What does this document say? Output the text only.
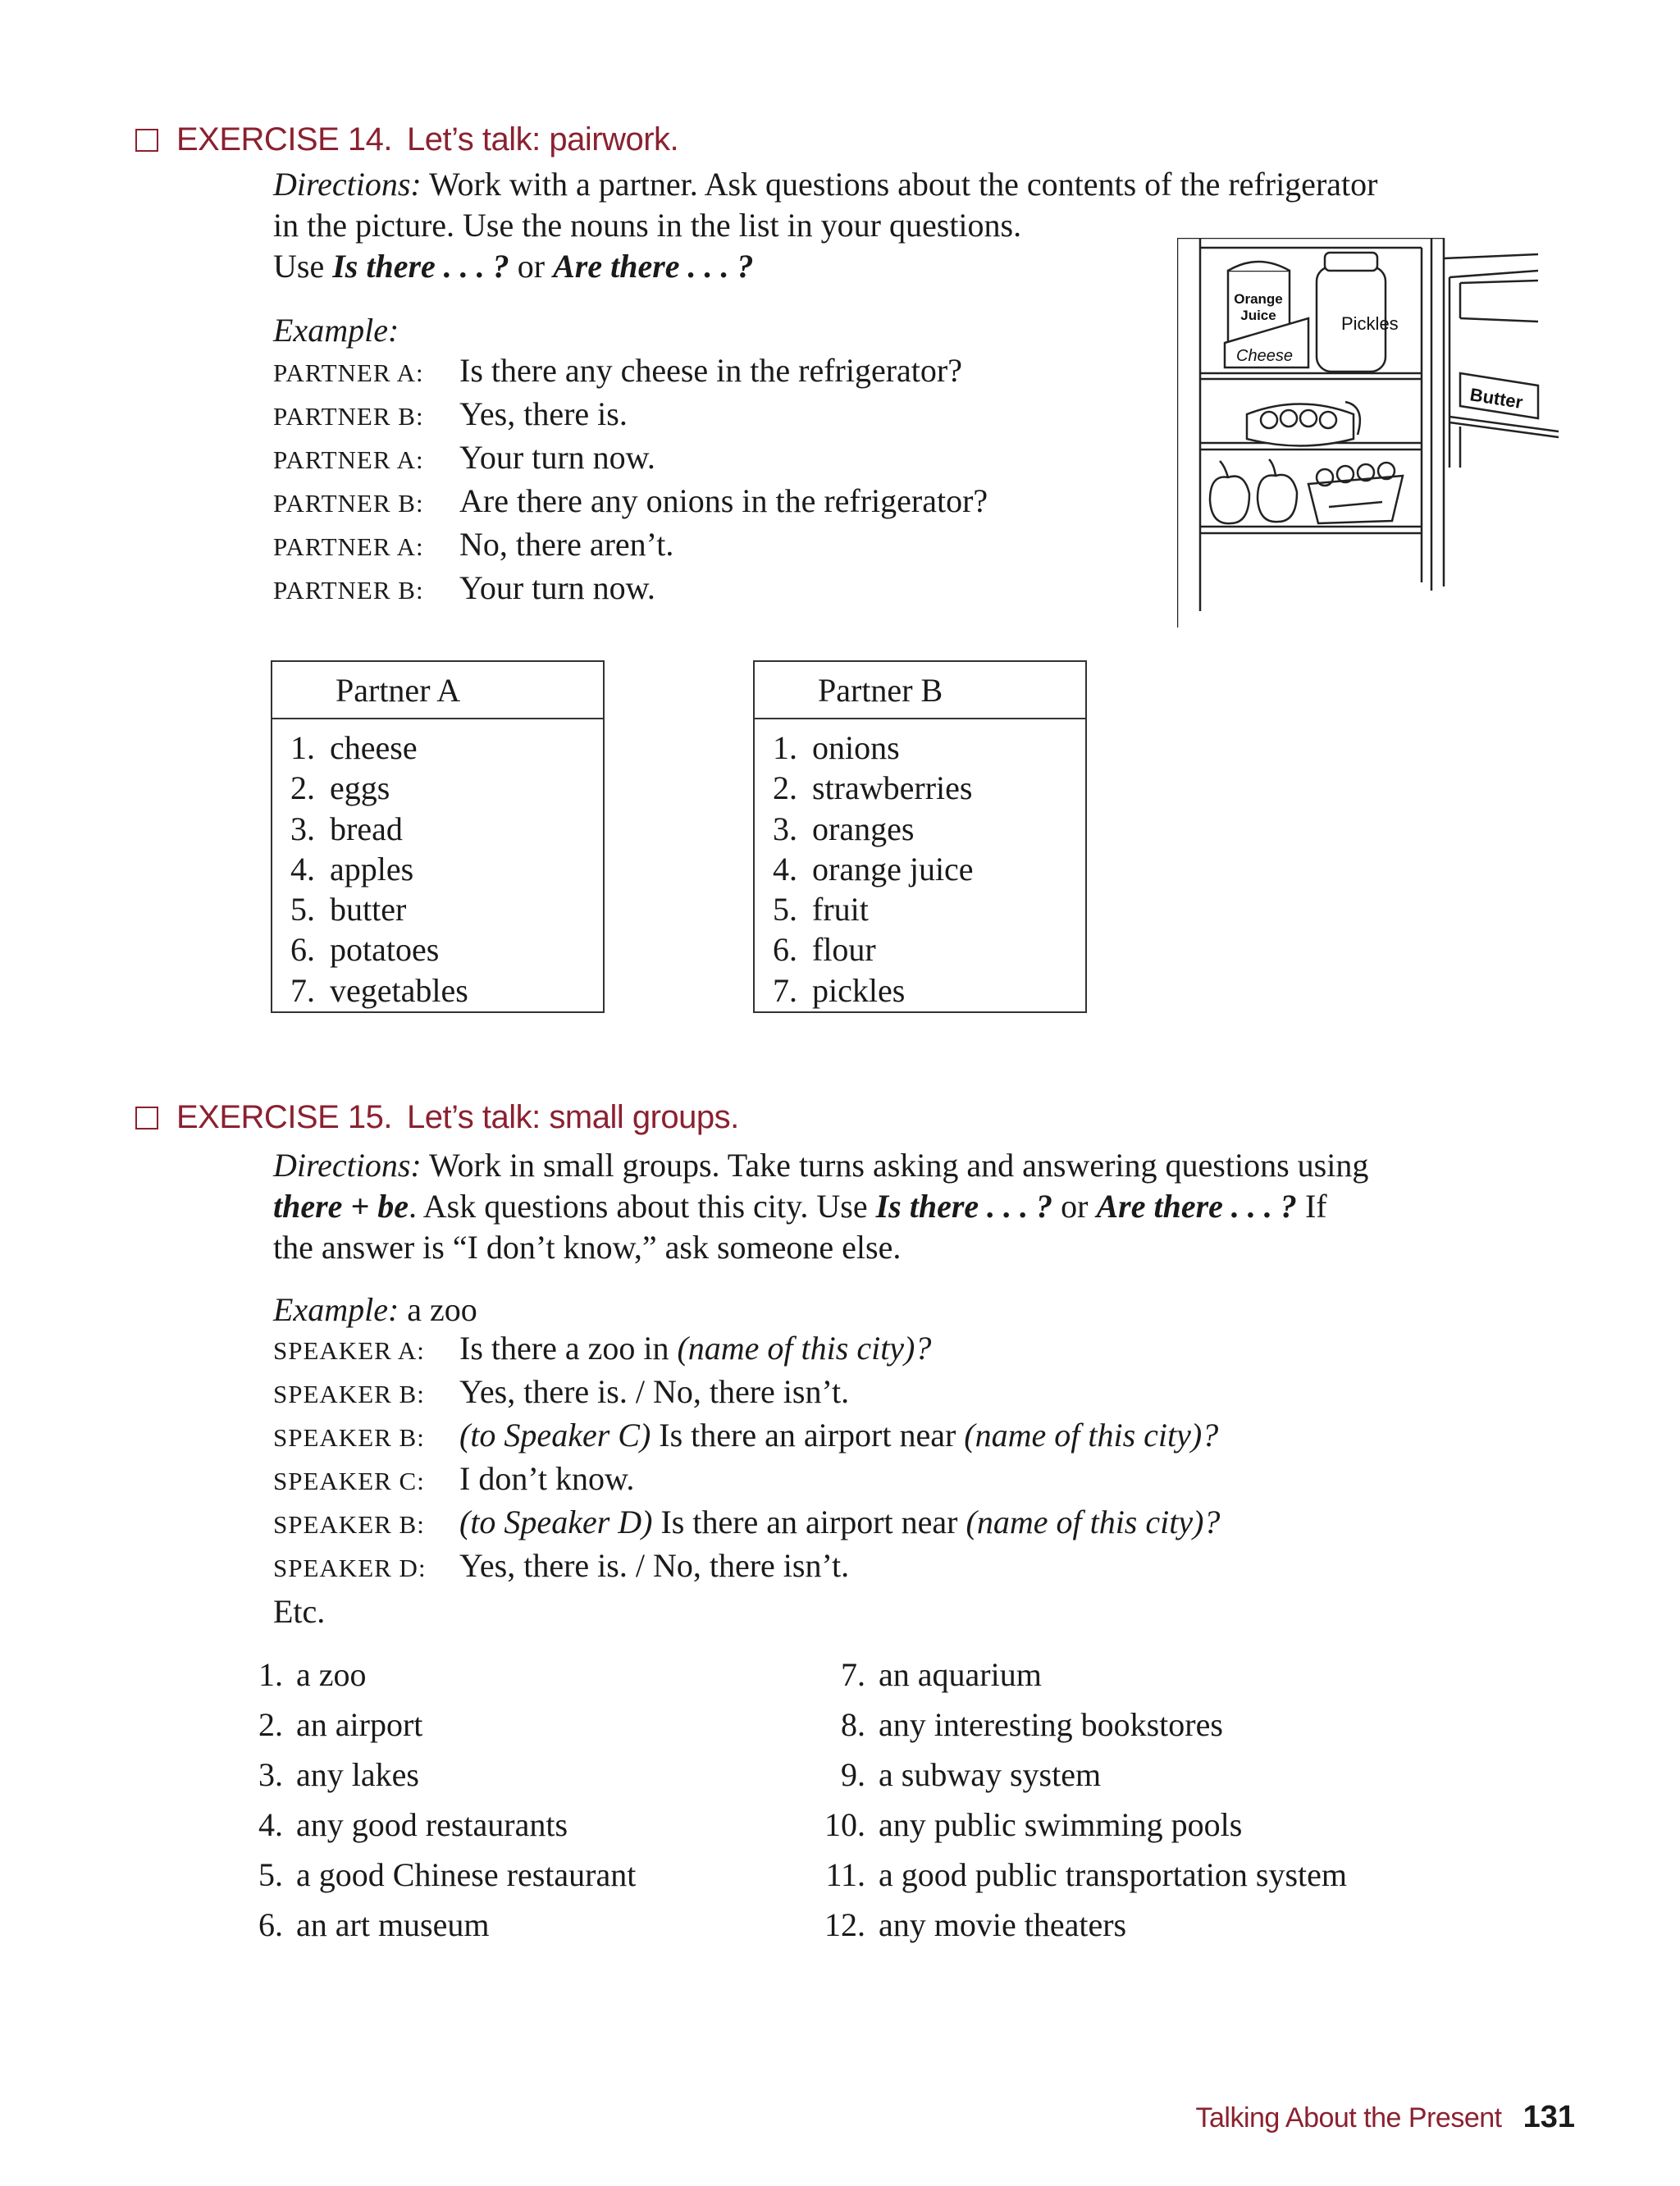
EXERCISE 14. Let’s talk: pairwork.
Directions: Work with a partner. Ask questions about the contents of the refrigerator
in the picture. Use the nouns in the list in your questions.
Use Is there . . . ? or Are there . . . ?
Example:
PARTNER A:	Is there any cheese in the refrigerator?
PARTNER B:	Yes, there is.
PARTNER A:	Your turn now.
PARTNER B:	Are there any onions in the refrigerator?
PARTNER A:	No, there aren’t.
PARTNER B:	Your turn now.
Partner A
1. cheese
2. eggs
3. bread
4. apples
5. butter
6. potatoes
7. vegetables
Partner B
1. onions
2. strawberries
3. oranges
4. orange juice
5. fruit
6. flour
7. pickles
Orange
Juice
Cheese
Pickles
Butter
EXERCISE 15. Let’s talk: small groups.
Directions: Work in small groups. Take turns asking and answering questions using
there + be. Ask questions about this city. Use Is there . . . ? or Are there . . . ? If
the answer is “I don’t know,” ask someone else.
Example: a zoo
SPEAKER A:	Is there a zoo in (name of this city)?
SPEAKER B:	Yes, there is. / No, there isn’t.
SPEAKER B:	(to Speaker C) Is there an airport near (name of this city)?
SPEAKER C:	I don’t know.
SPEAKER B:	(to Speaker D) Is there an airport near (name of this city)?
SPEAKER D:	Yes, there is. / No, there isn’t.
Etc.
1. a zoo
2. an airport
3. any lakes
4. any good restaurants
5. a good Chinese restaurant
6. an art museum
7. an aquarium
8. any interesting bookstores
9. a subway system
10. any public swimming pools
11. a good public transportation system
12. any movie theaters
Talking About the Present 131
